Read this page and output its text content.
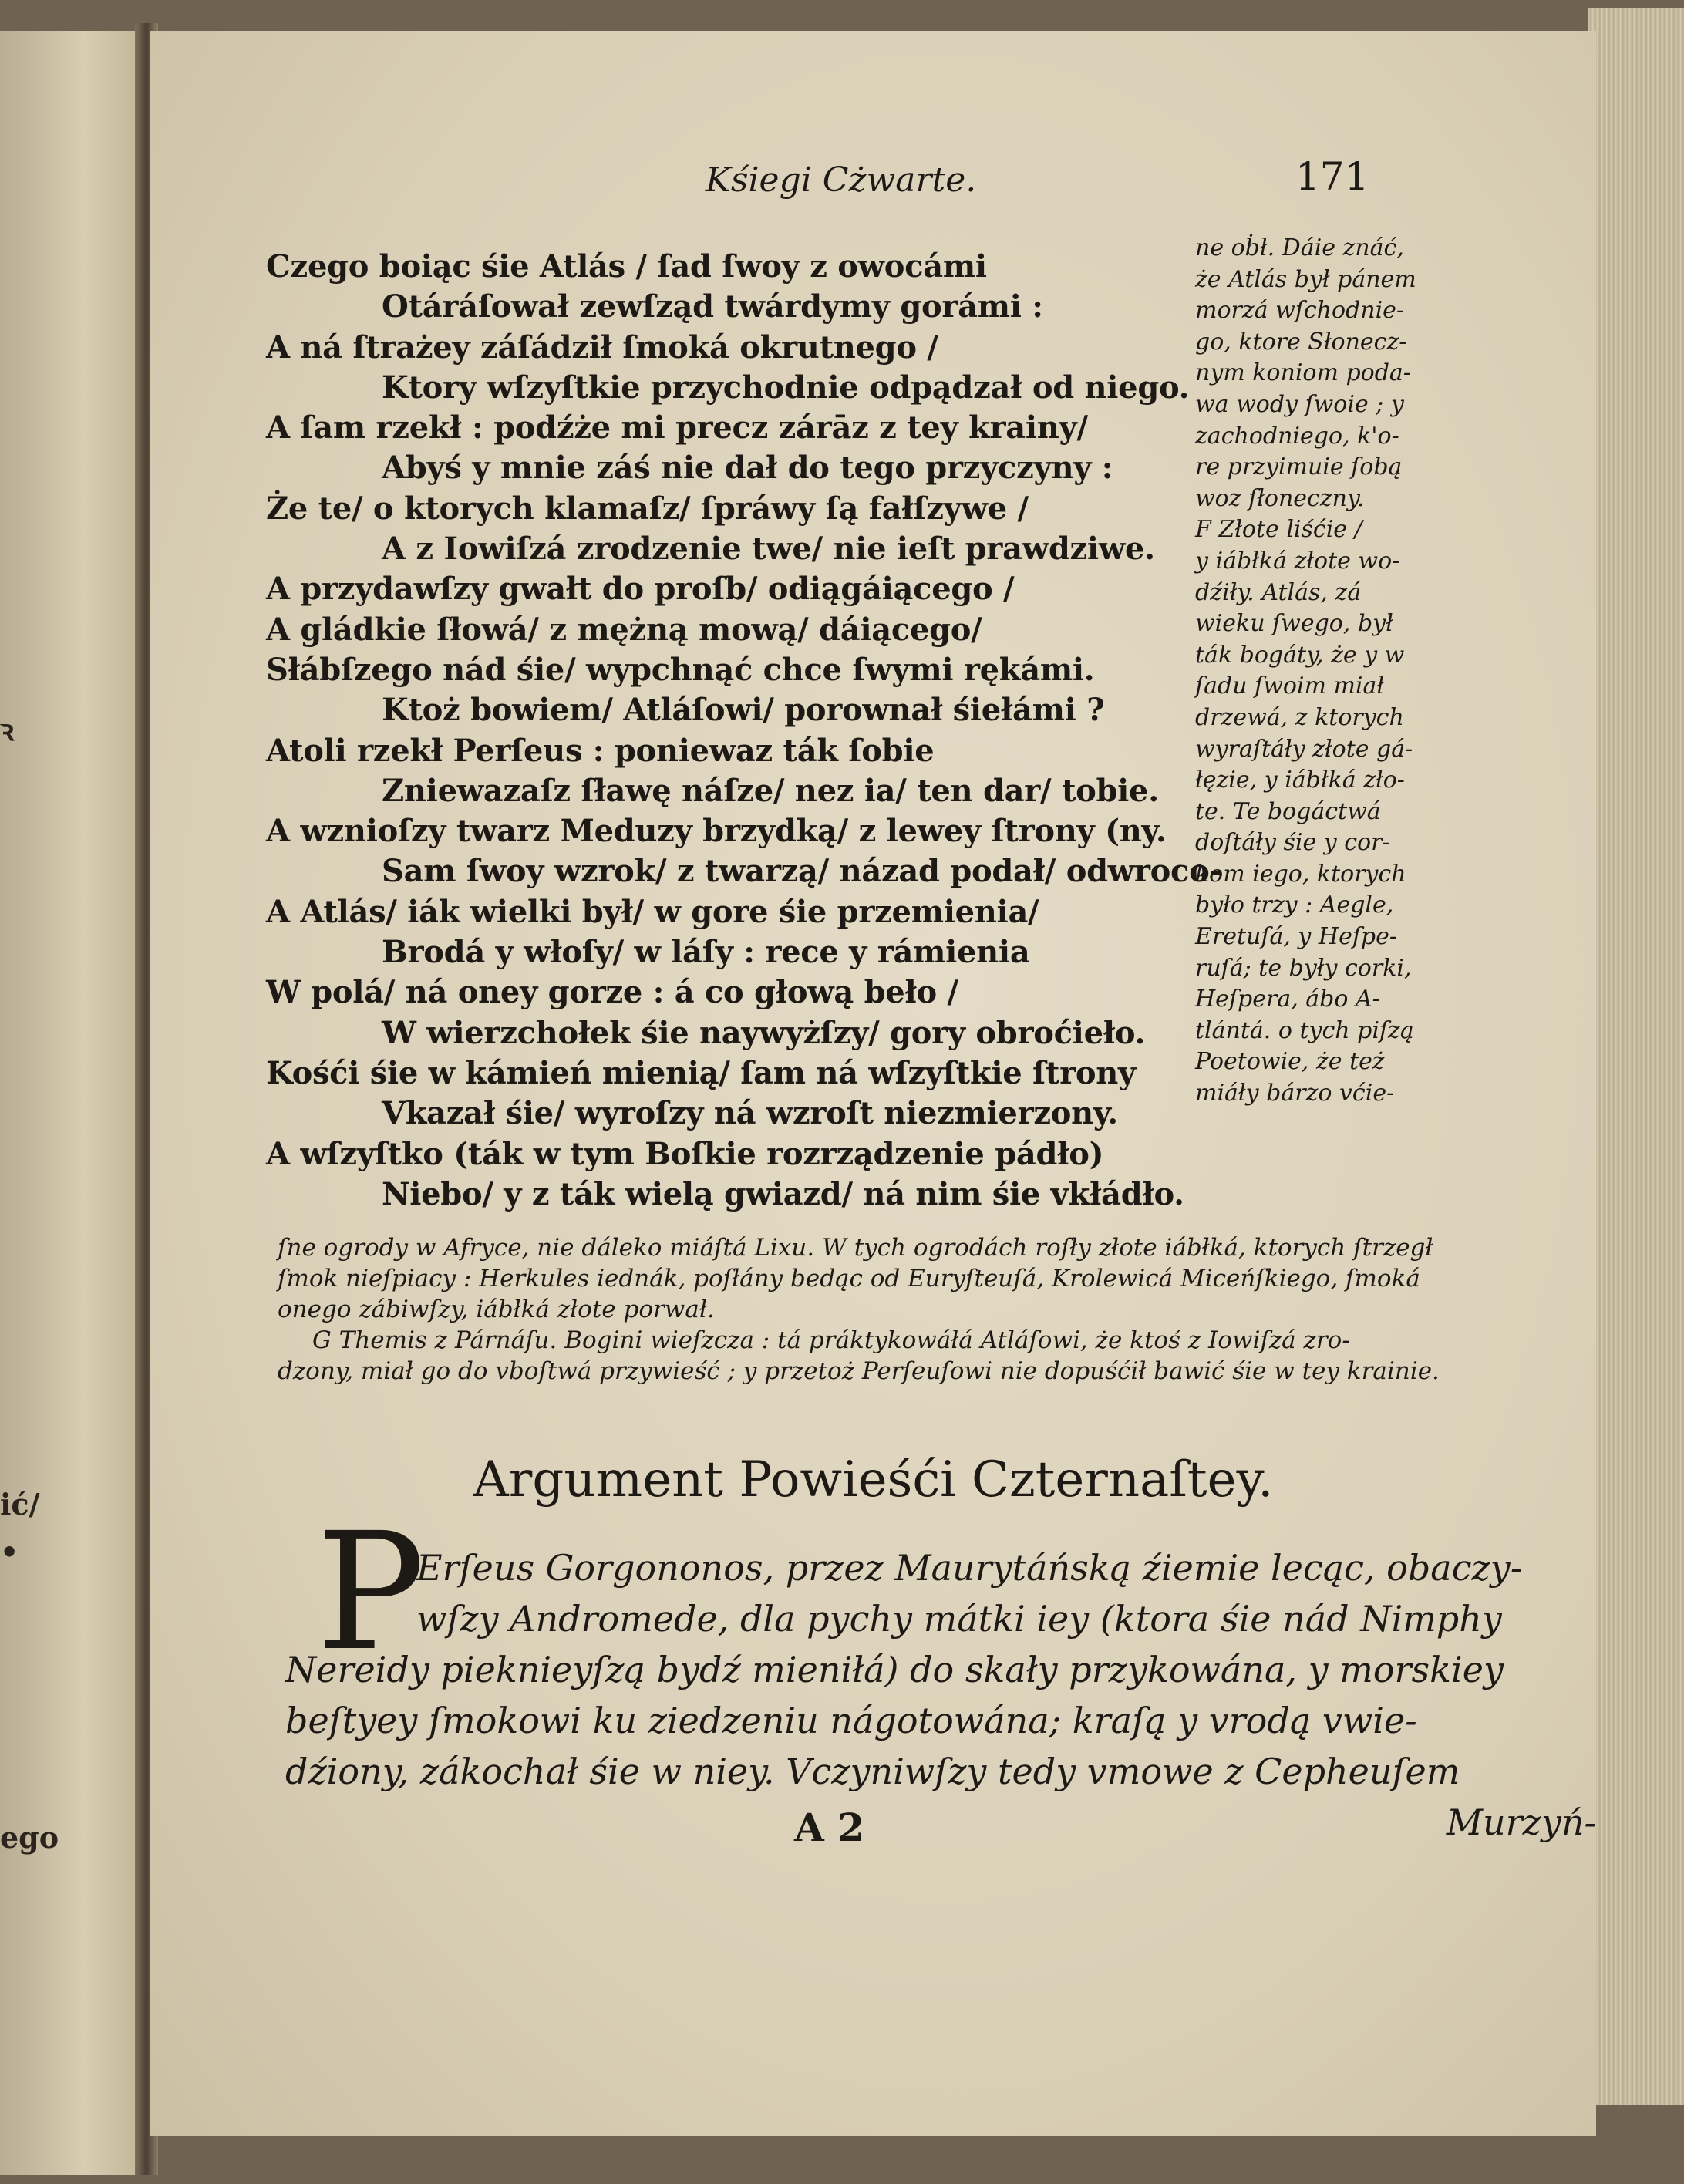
ꝛ
ić/
•
ego
Kśiegi Cżwarte.	171
Czego boiąc śie Atlás / ſad ſwoy z owocámi
Otáráſował zewſząd twárdymy gorámi :
A ná ſtrażey záſádził ſmoká okrutnego /
Ktory wſzyſtkie przychodnie odpądzał od niego.
A ſam rzekł : podźże mi precz zárāz z tey krainy/
Abyś y mnie záś nie dał do tego przyczyny :
Że te/ o ktorych klamaſz/ ſpráwy ſą fałſzywe /
A z Iowiſzá zrodzenie twe/ nie ieſt prawdziwe.
A przydawſzy gwałt do proſb/ odiągáiącego /
A gládkie ſłowá/ z mężną mową/ dáiącego/
Słábſzego nád śie/ wypchnąć chce ſwymi rękámi.
Ktoż bowiem/ Atláſowi/ porownał śiełámi ?
Atoli rzekł Perſeus : poniewaz ták ſobie
Zniewazaſz ſławę náſze/ nez ia/ ten dar/ tobie.
A wznioſzy twarz Meduzy brzydką/ z lewey ſtrony (ny.
Sam ſwoy wzrok/ z twarzą/ názad podał/ odwroco-
A Atlás/ iák wielki był/ w gore śie przemienia/
Brodá y włoſy/ w láſy : rece y rámienia
W polá/ ná oney gorze : á co głową beło /
W wierzchołek śie naywyżſzy/ gory obroćieło.
Kośći śie w kámień mienią/ ſam ná wſzyſtkie ſtrony
Vkazał śie/ wyroſzy ná wzroſt niezmierzony.
A wſzyſtko (ták w tym Boſkie rozrządzenie pádło)
Niebo/ y z ták wielą gwiazd/ ná nim śie vkłádło.
ne oḃł. Dáie znáć,
że Atlás był pánem
morzá wſchodnie-
go, ktore Słonecz-
nym koniom poda-
wa wody ſwoie ; y
zachodniego, k'o-
re przyimuie ſobą
woz ſłoneczny.
F Złote liśćie /
y iábłká złote wo-
dźiły. Atlás, zá
wieku ſwego, był
ták bogáty, że y w
ſadu ſwoim miał
drzewá, z ktorych
wyraſtáły złote gá-
łęzie, y iábłká zło-
te. Te bogáctwá
doſtáły śie y cor-
kom iego, ktorych
było trzy : Aegle,
Eretuſá, y Heſpe-
ruſá; te były corki,
Heſpera, ábo A-
tlántá. o tych piſzą
Poetowie, że też
miáły bárzo vćie-
ſne ogrody w Afryce, nie dáleko miáſtá Lixu. W tych ogrodách roſły złote iábłká, ktorych ſtrzegł
ſmok nieſpiacy : Herkules iednák, poſłány bedąc od Euryſteuſá, Krolewicá Miceńſkiego, ſmoká
onego zábiwſzy, iábłká złote porwał.
G Themis z Párnáſu. Bogini wieſzcza : tá práktykowáłá Atláſowi, że ktoś z Iowiſzá zro-
dzony, miał go do vboſtwá przywieść ; y przetoż Perſeuſowi nie dopuśćił bawić śie w tey krainie.
Argument Powieśći Czternaſtey.
P
Erſeus Gorgononos, przez Maurytáńską źiemie lecąc, obaczy-
wſzy Andromede, dla pychy mátki iey (ktora śie nád Nimphy
Nereidy pieknieyſzą bydź mieniłá) do skały przykowána, y morskiey
beſtyey ſmokowi ku ziedzeniu nágotowána; kraſą y vrodą vwie-
dźiony, zákochał śie w niey. Vczyniwſzy tedy vmowe z Cepheuſem
Murzyń-
A 2
